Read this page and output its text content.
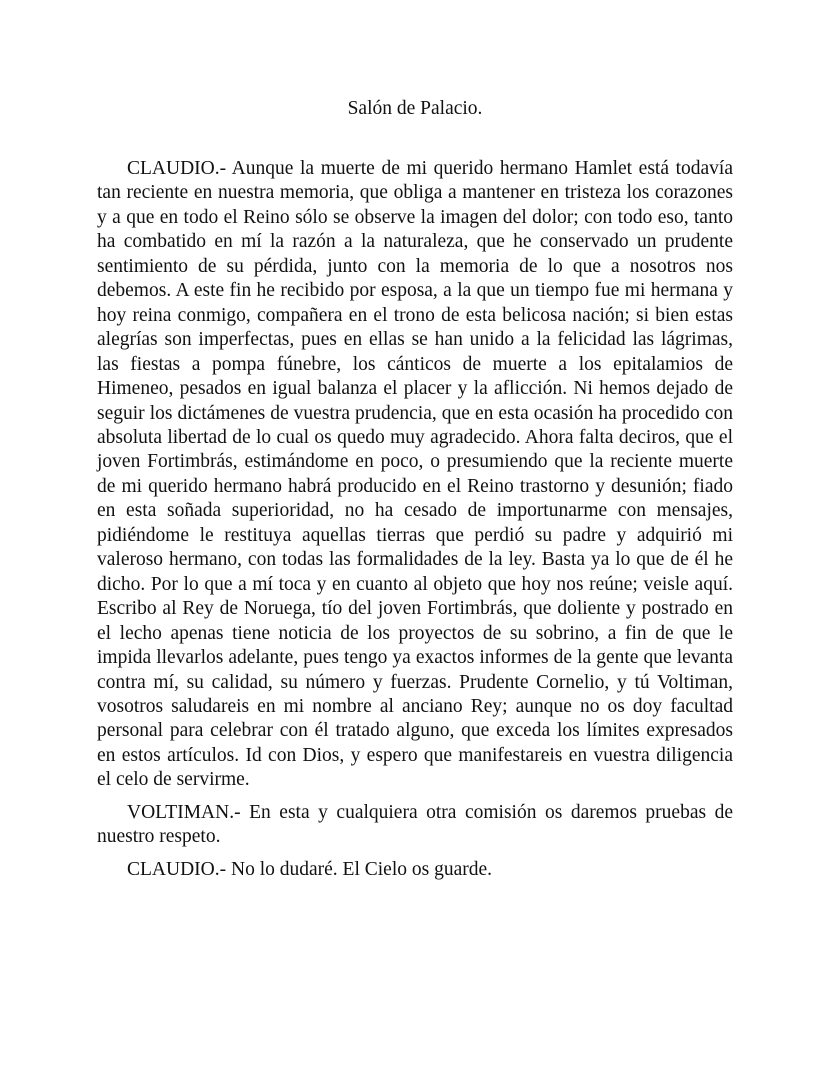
Salón de Palacio.

CLAUDIO.- Aunque la muerte de mi querido hermano Hamlet está todavía tan reciente en nuestra memoria, que obliga a mantener en tristeza los corazones y a que en todo el Reino sólo se observe la imagen del dolor; con todo eso, tanto ha combatido en mí la razón a la naturaleza, que he conservado un prudente sentimiento de su pérdida, junto con la memoria de lo que a nosotros nos debemos. A este fin he recibido por esposa, a la que un tiempo fue mi hermana y hoy reina conmigo, compañera en el trono de esta belicosa nación; si bien estas alegrías son imperfectas, pues en ellas se han unido a la felicidad las lágrimas, las fiestas a pompa fúnebre, los cánticos de muerte a los epitalamios de Himeneo, pesados en igual balanza el placer y la aflicción. Ni hemos dejado de seguir los dictámenes de vuestra prudencia, que en esta ocasión ha procedido con absoluta libertad de lo cual os quedo muy agradecido. Ahora falta deciros, que el joven Fortimbrás, estimándome en poco, o presumiendo que la reciente muerte de mi querido hermano habrá producido en el Reino trastorno y desunión; fiado en esta soñada superioridad, no ha cesado de importunarme con mensajes, pidiéndome le restituya aquellas tierras que perdió su padre y adquirió mi valeroso hermano, con todas las formalidades de la ley. Basta ya lo que de él he dicho. Por lo que a mí toca y en cuanto al objeto que hoy nos reúne; veisle aquí. Escribo al Rey de Noruega, tío del joven Fortimbrás, que doliente y postrado en el lecho apenas tiene noticia de los proyectos de su sobrino, a fin de que le impida llevarlos adelante, pues tengo ya exactos informes de la gente que levanta contra mí, su calidad, su número y fuerzas. Prudente Cornelio, y tú Voltiman, vosotros saludareis en mi nombre al anciano Rey; aunque no os doy facultad personal para celebrar con él tratado alguno, que exceda los límites expresados en estos artículos. Id con Dios, y espero que manifestareis en vuestra diligencia el celo de servirme.

VOLTIMAN.- En esta y cualquiera otra comisión os daremos pruebas de nuestro respeto.

CLAUDIO.- No lo dudaré. El Cielo os guarde.
